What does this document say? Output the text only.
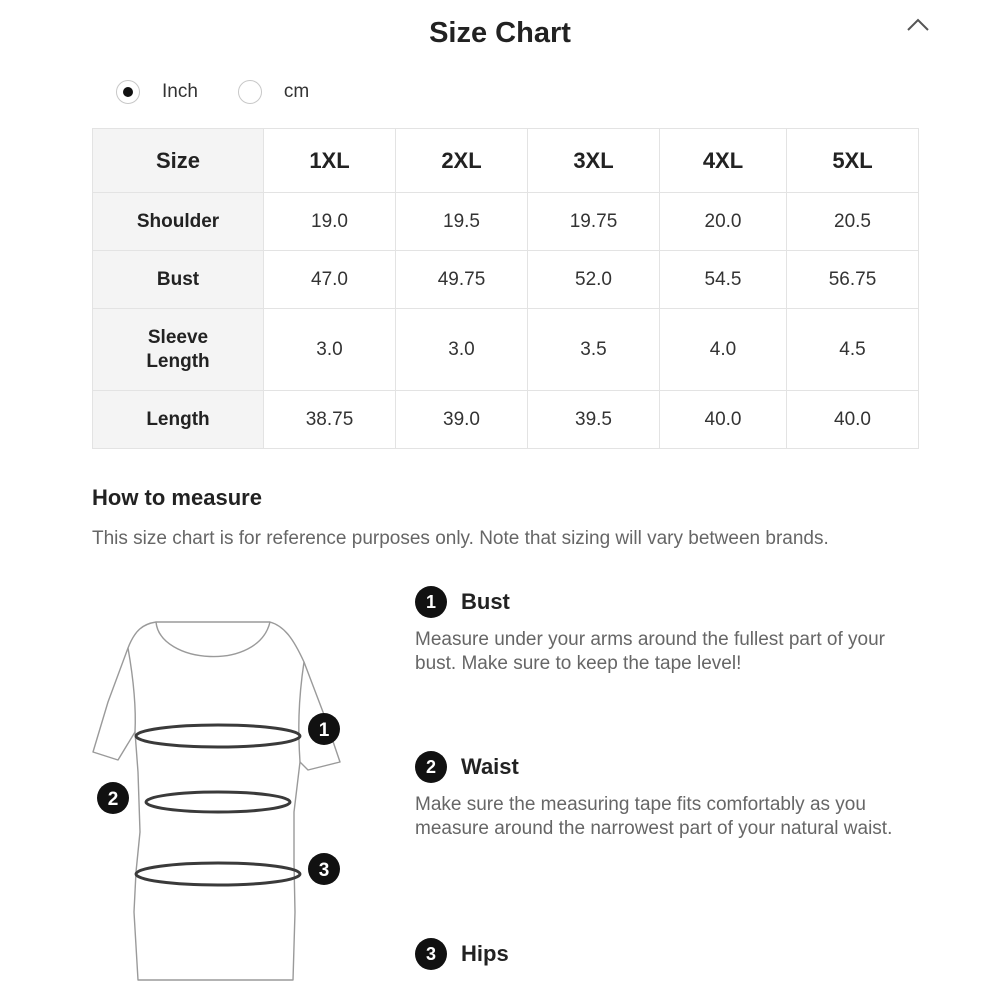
Size Chart
Inch	cm
Size	1XL	2XL	3XL	4XL	5XL
Shoulder	19.0	19.5	19.75	20.0	20.5
Bust	47.0	49.75	52.0	54.5	56.75
Sleeve
Length	3.0	3.0	3.5	4.0	4.5
Length	38.75	39.0	39.5	40.0	40.0
How to measure
This size chart is for reference purposes only. Note that sizing will vary between brands.
1
2
3
1	Bust
Measure under your arms around the fullest part of your bust. Make sure to keep the tape level!
2	Waist
Make sure the measuring tape fits comfortably as you measure around the narrowest part of your natural waist.
3	Hips
